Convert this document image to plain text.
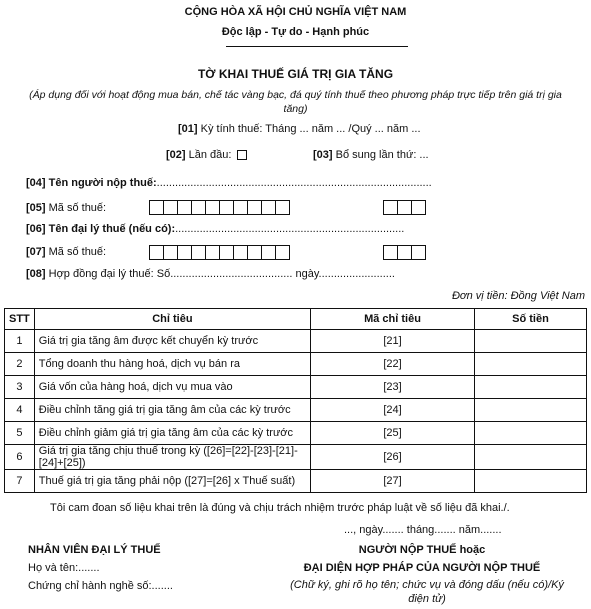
CỘNG HÒA XÃ HỘI CHỦ NGHĨA VIỆT NAM
Độc lập - Tự do - Hạnh phúc
TỜ KHAI THUẾ GIÁ TRỊ GIA TĂNG
(Áp dụng đối với hoạt động mua bán, chế tác vàng bạc, đá quý tính thuế theo phương pháp trực tiếp trên giá trị gia tăng)
[01] Kỳ tính thuế: Tháng ... năm ... /Quý ... năm ...
[02] Lần đầu:	[03] Bổ sung lần thứ: ...
[04] Tên người nộp thuế:..........................................................................................
[05] Mã số thuế:
[06] Tên đại lý thuế (nếu có):...........................................................................
[07] Mã số thuế:
[08] Hợp đồng đại lý thuế: Số........................................ ngày.........................
Đơn vị tiền: Đồng Việt Nam
STT	Chỉ tiêu	Mã chỉ tiêu	Số tiền
1	Giá trị gia tăng âm được kết chuyển kỳ trước	[21]	
2	Tổng doanh thu hàng hoá, dịch vụ bán ra	[22]	
3	Giá vốn của hàng hoá, dịch vụ mua vào	[23]	
4	Điều chỉnh tăng giá trị gia tăng âm của các kỳ trước	[24]	
5	Điều chỉnh giảm giá trị gia tăng âm của các kỳ trước	[25]	
6	Giá trị gia tăng chịu thuế trong kỳ ([26]=[22]-[23]-[21]-[24]+[25])	[26]	
7	Thuế giá trị gia tăng phải nộp ([27]=[26] x Thuế suất)	[27]	
Tôi cam đoan số liệu khai trên là đúng và chịu trách nhiệm trước pháp luật về số liệu đã khai./.
..., ngày....... tháng....... năm.......
NHÂN VIÊN ĐẠI LÝ THUẾ
Họ và tên:.......
Chứng chỉ hành nghề số:.......
NGƯỜI NỘP THUẾ hoặc
ĐẠI DIỆN HỢP PHÁP CỦA NGƯỜI NỘP THUẾ
(Chữ ký, ghi rõ họ tên; chức vụ và đóng dấu (nếu có)/Ký điện tử)
